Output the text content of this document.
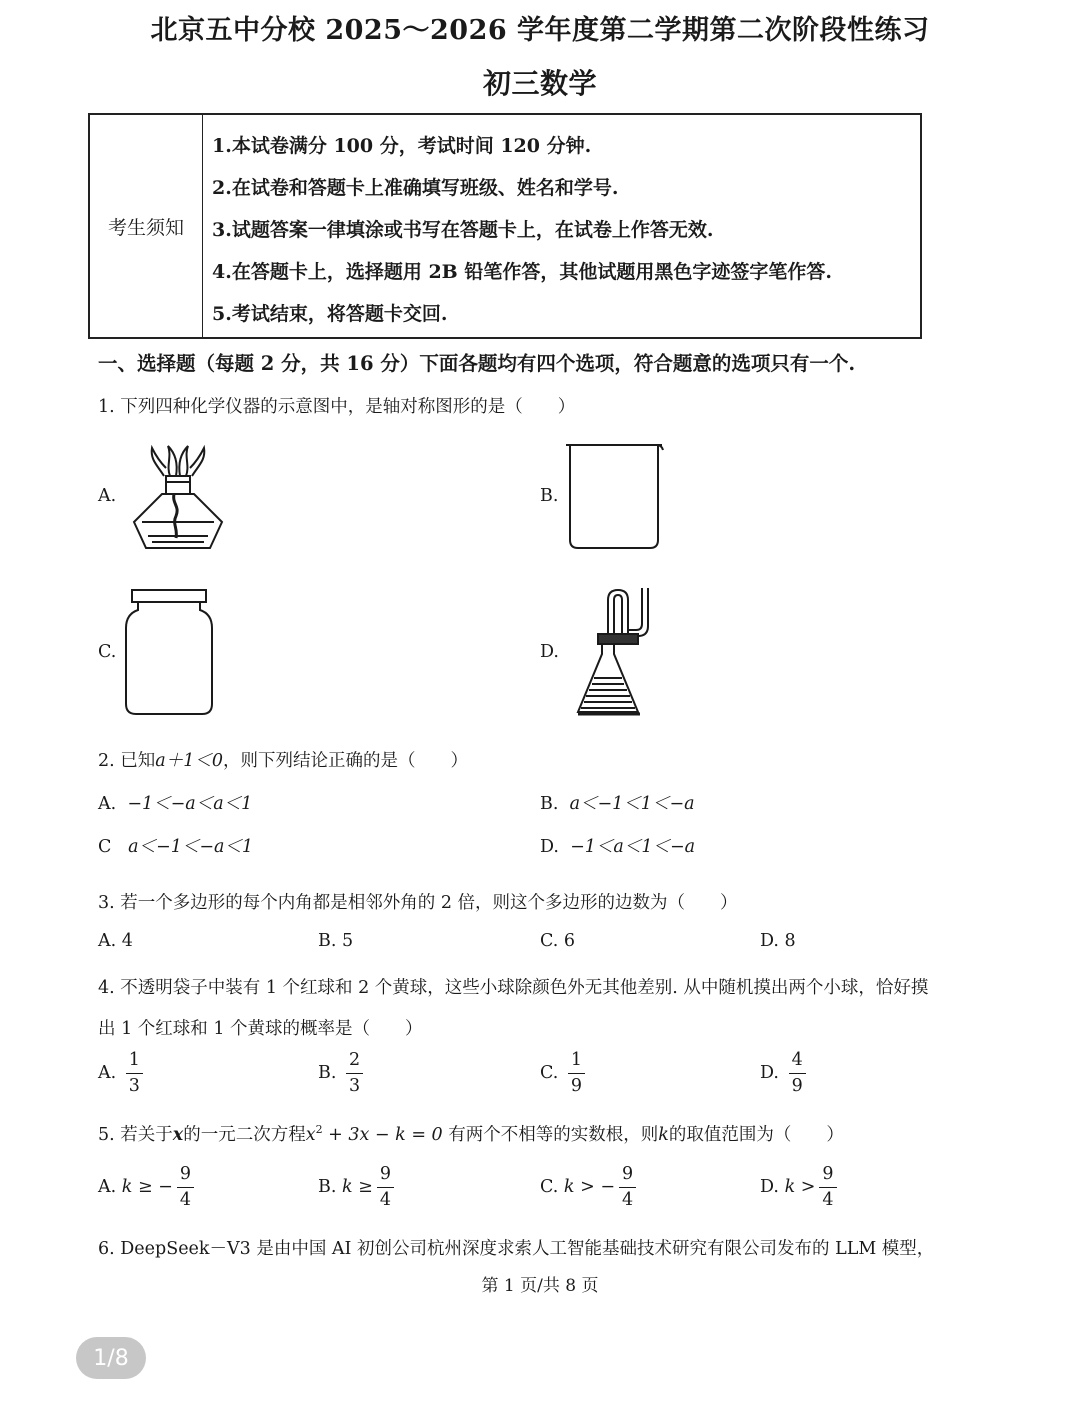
北京五中分校 2025～2026 学年度第二学期第二次阶段性练习
初三数学
考生须知
1.本试卷满分 100 分，考试时间 120 分钟.
2.在试卷和答题卡上准确填写班级、姓名和学号.
3.试题答案一律填涂或书写在答题卡上，在试卷上作答无效.
4.在答题卡上，选择题用 2B 铅笔作答，其他试题用黑色字迹签字笔作答.
5.考试结束，将答题卡交回.
一、选择题（每题 2 分，共 16 分）下面各题均有四个选项，符合题意的选项只有一个.
1. 下列四种化学仪器的示意图中，是轴对称图形的是（　　）
A.	B.
C.	D.
2. 已知a＋1＜0，则下列结论正确的是（　　）
A. −1＜−a＜a＜1	B. a＜−1＜1＜−a
C a＜−1＜−a＜1	D. −1＜a＜1＜−a
3. 若一个多边形的每个内角都是相邻外角的 2 倍，则这个多边形的边数为（　　）
A. 4	B. 5	C. 6	D. 8
4. 不透明袋子中装有 1 个红球和 2 个黄球，这些小球除颜色外无其他差别. 从中随机摸出两个小球，恰好摸
出 1 个红球和 1 个黄球的概率是（　　）
A. $\frac{1}{3}$	B. $\frac{2}{3}$	C. $\frac{1}{9}$	D. $\frac{4}{9}$
5. 若关于x的一元二次方程$x^2 + 3x - k = 0$ 有两个不相等的实数根，则k的取值范围为（　　）
A. k ≥ − $\frac{9}{4}$	B. $k \ge \frac{9}{4}$	C. k > − $\frac{9}{4}$	D. $k > \frac{9}{4}$
6. DeepSeek－V3 是由中国 AI 初创公司杭州深度求索人工智能基础技术研究有限公司发布的 LLM 模型，
第 1 页/共 8 页
1/8
